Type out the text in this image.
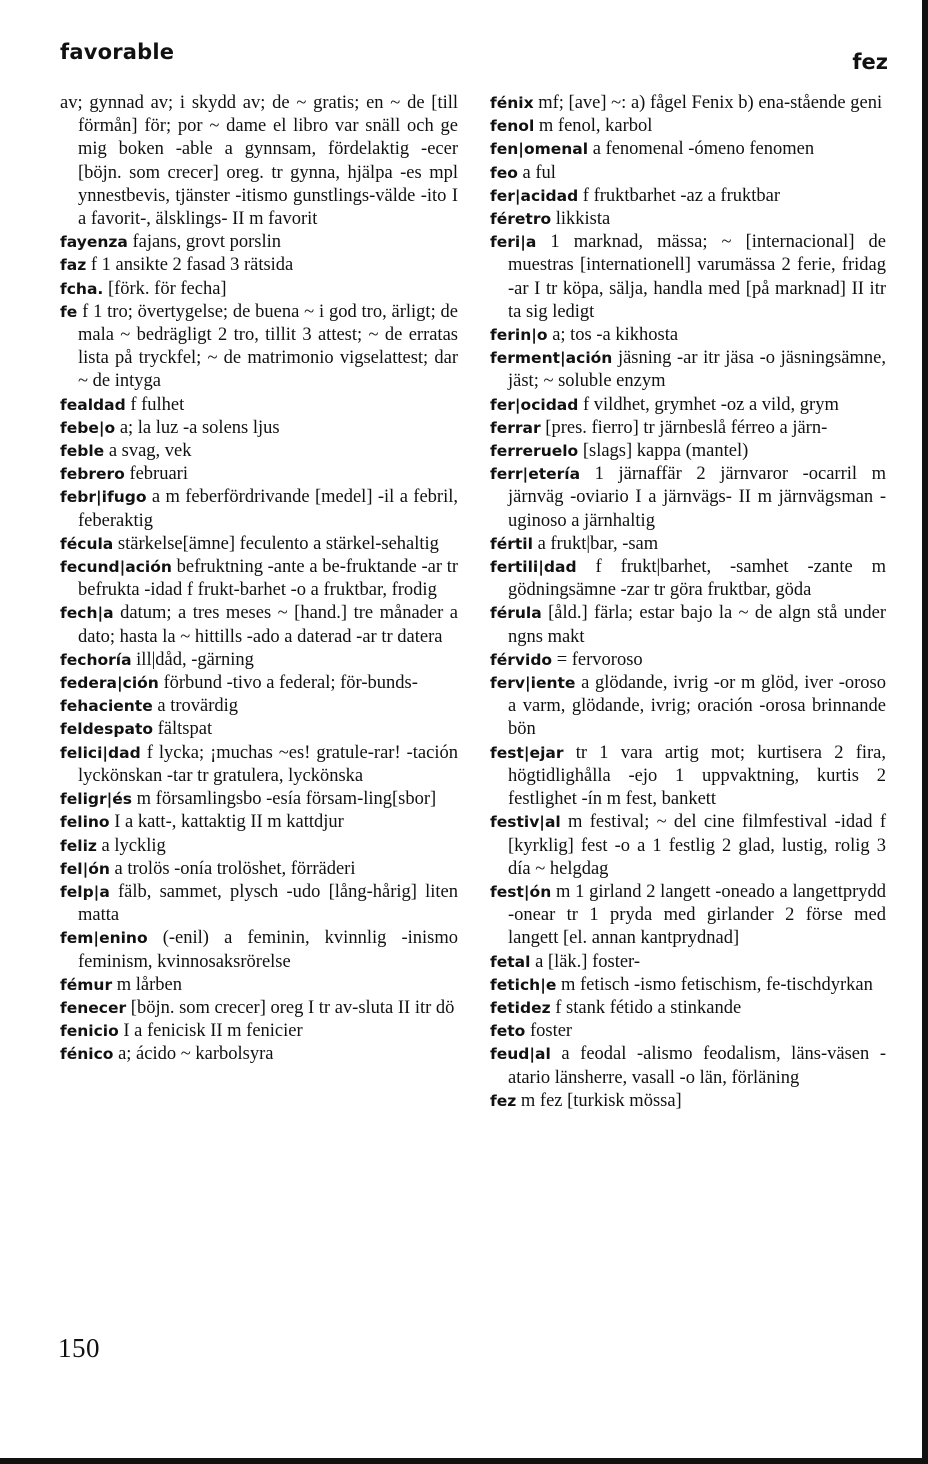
favorable	fez
av; gynnad av; i skydd av; de ~ gratis; en ~ de [till förmån] för; por ~ dame el libro var snäll och ge mig boken -able a gynnsam, fördelaktig -ecer [böjn. som crecer] oreg. tr gynna, hjälpa -es mpl ynnestbevis, tjänster -itismo gunstlings-välde -ito I a favorit-, älsklings- II m favorit
fayenza fajans, grovt porslin
faz f 1 ansikte 2 fasad 3 rätsida
fcha. [förk. för fecha]
fe f 1 tro; övertygelse; de buena ~ i god tro, ärligt; de mala ~ bedrägligt 2 tro, tillit 3 attest; ~ de erratas lista på tryckfel; ~ de matrimonio vigselattest; dar ~ de intyga
fealdad f fulhet
febe|o a; la luz -a solens ljus
feble a svag, vek
febrero februari
febr|ifugo a m feberfördrivande [medel] -il a febril, feberaktig
fécula stärkelse[ämne] feculento a stärkel-sehaltig
fecund|ación befruktning -ante a be-fruktande -ar tr befrukta -idad f frukt-barhet -o a fruktbar, frodig
fech|a datum; a tres meses ~ [hand.] tre månader a dato; hasta la ~ hittills -ado a daterad -ar tr datera
fechoría ill|dåd, -gärning
federa|ción förbund -tivo a federal; för-bunds-
fehaciente a trovärdig
feldespato fältspat
felici|dad f lycka; ¡muchas ~es! gratule-rar! -tación lyckönskan -tar tr gratulera, lyckönska
feligr|és m församlingsbo -esía försam-ling[sbor]
felino I a katt-, kattaktig II m kattdjur
feliz a lycklig
fel|ón a trolös -onía trolöshet, förräderi
felp|a fälb, sammet, plysch -udo [lång-hårig] liten matta
fem|enino (-enil) a feminin, kvinnlig -inismo feminism, kvinnosaksrörelse
fémur m lårben
fenecer [böjn. som crecer] oreg I tr av-sluta II itr dö
fenicio I a fenicisk II m fenicier
fénico a; ácido ~ karbolsyra
fénix mf; [ave] ~: a) fågel Fenix b) ena-stående geni
fenol m fenol, karbol
fen|omenal a fenomenal -ómeno fenomen
feo a ful
fer|acidad f fruktbarhet -az a fruktbar
féretro likkista
feri|a 1 marknad, mässa; ~ [internacional] de muestras [internationell] varumässa 2 ferie, fridag -ar I tr köpa, sälja, handla med [på marknad] II itr ta sig ledigt
ferin|o a; tos -a kikhosta
ferment|ación jäsning -ar itr jäsa -o jäsningsämne, jäst; ~ soluble enzym
fer|ocidad f vildhet, grymhet -oz a vild, grym
ferrar [pres. fierro] tr järnbeslå férreo a järn-
ferreruelo [slags] kappa (mantel)
ferr|etería 1 järnaffär 2 järnvaror -ocarril m järnväg -oviario I a järnvägs- II m järnvägsman -uginoso a järnhaltig
fértil a frukt|bar, -sam
fertili|dad f frukt|barhet, -samhet -zante m gödningsämne -zar tr göra fruktbar, göda
férula [åld.] färla; estar bajo la ~ de algn stå under ngns makt
férvido = fervoroso
ferv|iente a glödande, ivrig -or m glöd, iver -oroso a varm, glödande, ivrig; oración -orosa brinnande bön
fest|ejar tr 1 vara artig mot; kurtisera 2 fira, högtidlighålla -ejo 1 uppvaktning, kurtis 2 festlighet -ín m fest, bankett
festiv|al m festival; ~ del cine filmfestival -idad f [kyrklig] fest -o a 1 festlig 2 glad, lustig, rolig 3 día ~ helgdag
fest|ón m 1 girland 2 langett -oneado a langettprydd -onear tr 1 pryda med girlander 2 förse med langett [el. annan kantprydnad]
fetal a [läk.] foster-
fetich|e m fetisch -ismo fetischism, fe-tischdyrkan
fetidez f stank fétido a stinkande
feto foster
feud|al a feodal -alismo feodalism, läns-väsen -atario länsherre, vasall -o län, förläning
fez m fez [turkisk mössa]
150
